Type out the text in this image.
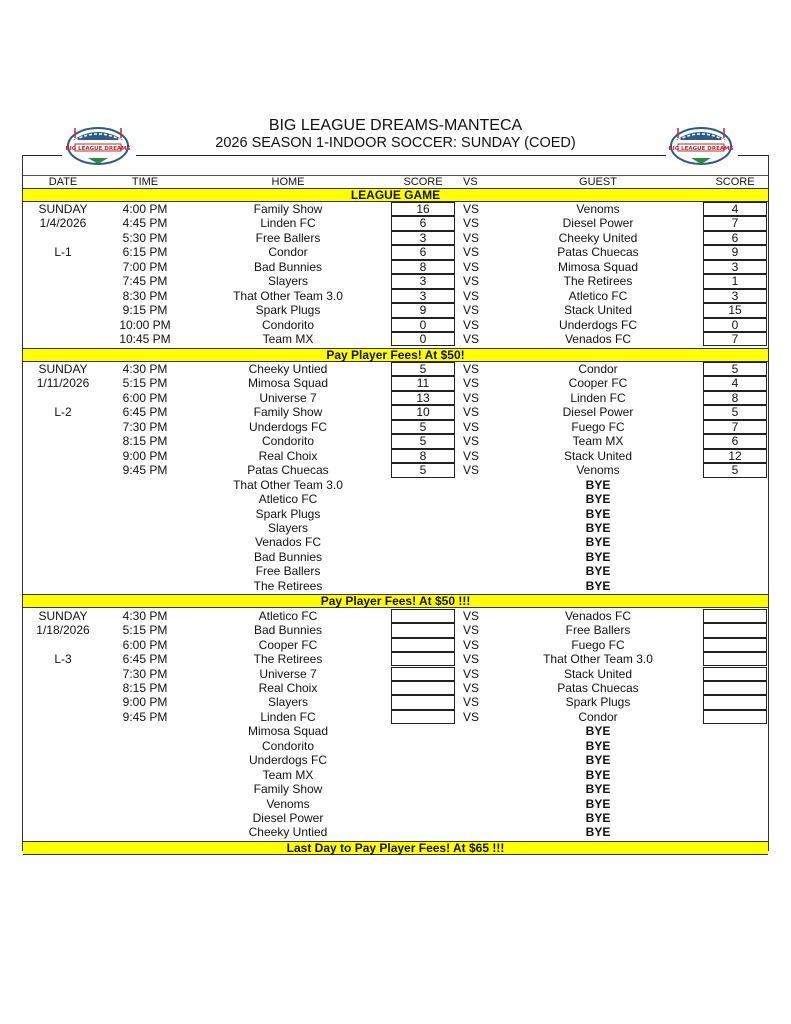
BIG LEAGUE DREAMS-MANTECA
2026 SEASON 1-INDOOR SOCCER: SUNDAY (COED)
BIG LEAGUE DREAMS	BIG LEAGUE DREAMS
DATE	TIME	HOME	SCORE	VS	GUEST	SCORE
LEAGUE GAME
SUNDAY	4:00 PM	Family Show	16	VS	Venoms	4
1/4/2026	4:45 PM	Linden FC	6	VS	Diesel Power	7
5:30 PM	Free Ballers	3	VS	Cheeky United	6
L-1	6:15 PM	Condor	6	VS	Patas Chuecas	9
7:00 PM	Bad Bunnies	8	VS	Mimosa Squad	3
7:45 PM	Slayers	3	VS	The Retirees	1
8:30 PM	That Other Team 3.0	3	VS	Atletico FC	3
9:15 PM	Spark Plugs	9	VS	Stack United	15
10:00 PM	Condorito	0	VS	Underdogs FC	0
10:45 PM	Team MX	0	VS	Venados FC	7
Pay Player Fees! At $50!
SUNDAY	4:30 PM	Cheeky Untied	5	VS	Condor	5
1/11/2026	5:15 PM	Mimosa Squad	11	VS	Cooper FC	4
6:00 PM	Universe 7	13	VS	Linden FC	8
L-2	6:45 PM	Family Show	10	VS	Diesel Power	5
7:30 PM	Underdogs FC	5	VS	Fuego FC	7
8:15 PM	Condorito	5	VS	Team MX	6
9:00 PM	Real Choix	8	VS	Stack United	12
9:45 PM	Patas Chuecas	5	VS	Venoms	5
That Other Team 3.0	BYE
Atletico FC	BYE
Spark Plugs	BYE
Slayers	BYE
Venados FC	BYE
Bad Bunnies	BYE
Free Ballers	BYE
The Retirees	BYE
Pay Player Fees! At $50 !!!
SUNDAY	4:30 PM	Atletico FC	VS	Venados FC
1/18/2026	5:15 PM	Bad Bunnies	VS	Free Ballers
6:00 PM	Cooper FC	VS	Fuego FC
L-3	6:45 PM	The Retirees	VS	That Other Team 3.0
7:30 PM	Universe 7	VS	Stack United
8:15 PM	Real Choix	VS	Patas Chuecas
9:00 PM	Slayers	VS	Spark Plugs
9:45 PM	Linden FC	VS	Condor
Mimosa Squad	BYE
Condorito	BYE
Underdogs FC	BYE
Team MX	BYE
Family Show	BYE
Venoms	BYE
Diesel Power	BYE
Cheeky Untied	BYE
Last Day to Pay Player Fees! At $65 !!!
